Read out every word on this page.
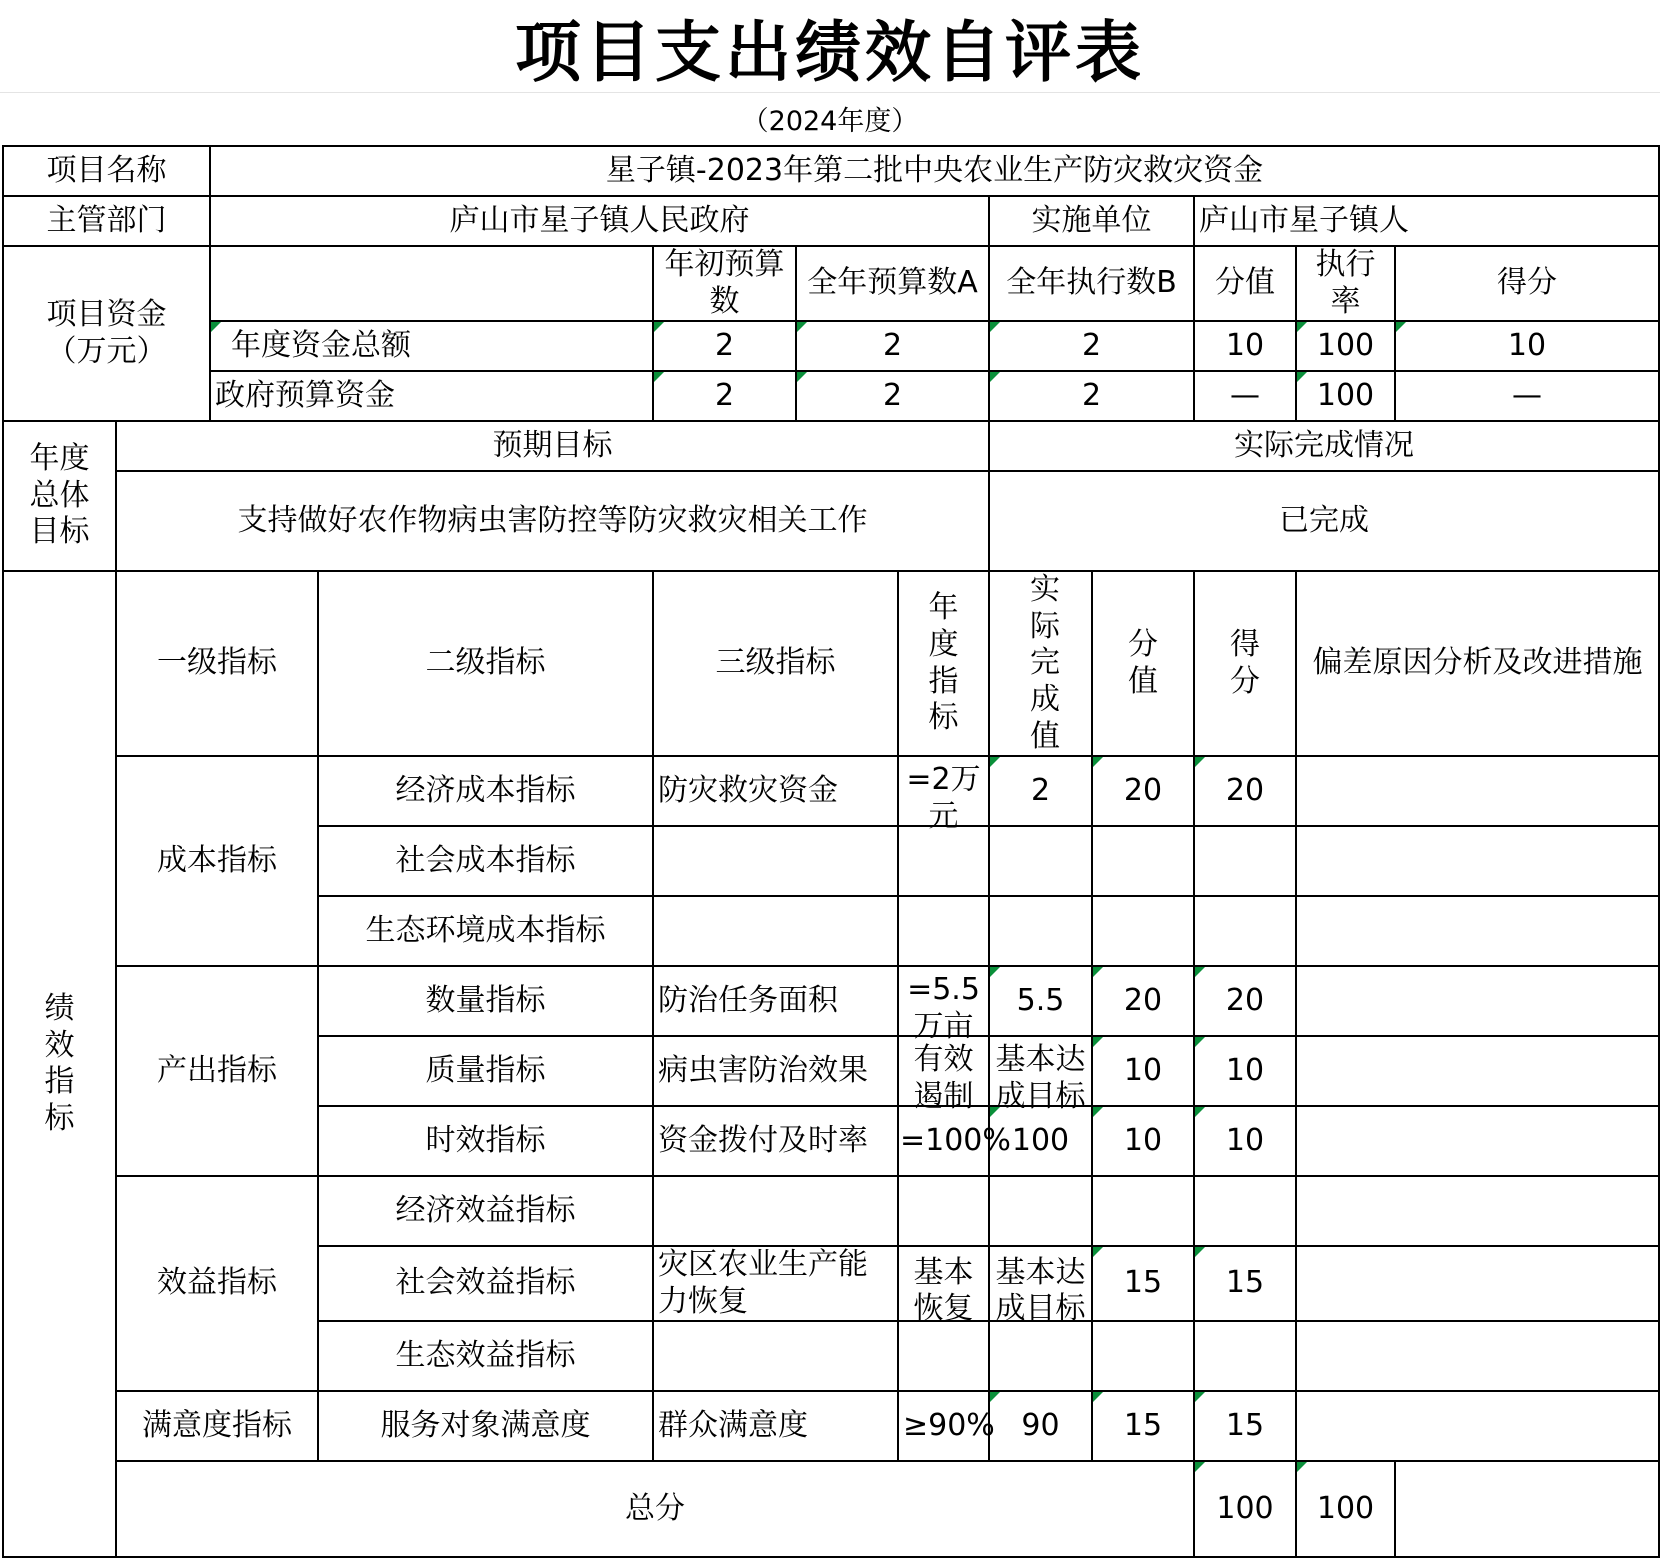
项目支出绩效自评表
（2024年度）
项目名称		星子镇-2023年第二批中央农业生产防灾救灾资金									
主管部门		庐山市星子镇人民政府					实施单位		庐山市星子镇人		
项目资金（万元）				年初预算数	全年预算数A		全年执行数B		分值	执行率	得分
		年度资金总额		2	2		2		10	100	10
		政府预算资金		2	2		2		—	100	—
年度总体目标	预期目标						实际完成情况				
	支持做好农作物病虫害防控等防灾救灾相关工作						已完成				
绩效指标	一级指标		二级指标	三级指标		年度指标	实际完成值	分值	得分	偏差原因分析及改进措施	
	成本指标		经济成本指标	防灾救灾资金		=2万元	2	20	20		
			社会成本指标								
			生态环境成本指标								
	产出指标		数量指标	防治任务面积		=5.5万亩	5.5	20	20		
			质量指标	病虫害防治效果		有效遏制	基本达成目标	10	10		
			时效指标	资金拨付及时率		=100%	100	10	10		
	效益指标		经济效益指标								
			社会效益指标	灾区农业生产能力恢复		基本恢复	基本达成目标	15	15		
			生态效益指标								
	满意度指标		服务对象满意度	群众满意度		≥90%	90	15	15		
	总分								100	100	
